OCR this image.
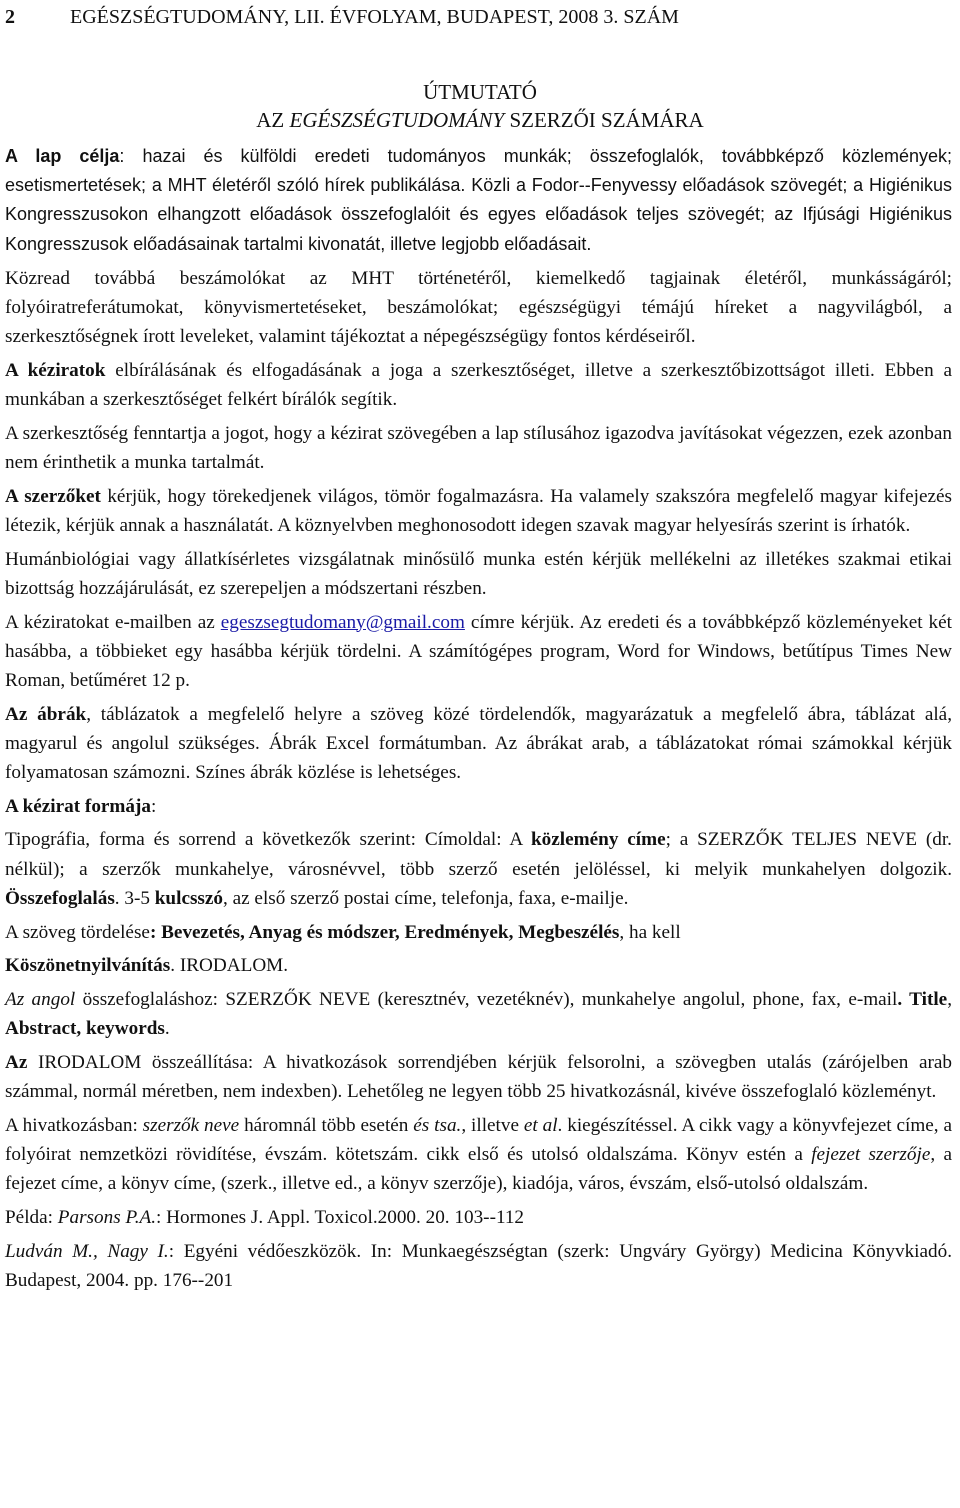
2	EGÉSZSÉGTUDOMÁNY, LII. ÉVFOLYAM, BUDAPEST, 2008 3. SZÁM
ÚTMUTATÓ
AZ EGÉSZSÉGTUDOMÁNY SZERZŐI SZÁMÁRA

A lap célja: hazai és külföldi eredeti tudományos munkák; összefoglalók, továbbképző közlemények; esetismertetések; a MHT életéről szóló hírek publikálása. Közli a Fodor--Fenyvessy előadások szövegét; a Higiénikus Kongresszusokon elhangzott előadások összefoglalóit és egyes előadások teljes szövegét; az Ifjúsági Higiénikus Kongresszusok előadásainak tartalmi kivonatát, illetve legjobb előadásait.

Közread továbbá beszámolókat az MHT történetéről, kiemelkedő tagjainak életéről, munkásságáról; folyóiratreferátumokat, könyvismertetéseket, beszámolókat; egészségügyi témájú híreket a nagyvilágból, a szerkesztőségnek írott leveleket, valamint tájékoztat a népegészségügy fontos kérdéseiről.

A kéziratok elbírálásának és elfogadásának a joga a szerkesztőséget, illetve a szerkesztőbizottságot illeti. Ebben a munkában a szerkesztőséget felkért bírálók segítik.

A szerkesztőség fenntartja a jogot, hogy a kézirat szövegében a lap stílusához igazodva javításokat végezzen, ezek azonban nem érinthetik a munka tartalmát.

A szerzőket kérjük, hogy törekedjenek világos, tömör fogalmazásra. Ha valamely szakszóra megfelelő magyar kifejezés létezik, kérjük annak a használatát. A köznyelvben meghonosodott idegen szavak magyar helyesírás szerint is írhatók.

Humánbiológiai vagy állatkísérletes vizsgálatnak minősülő munka estén kérjük mellékelni az illetékes szakmai etikai bizottság hozzájárulását, ez szerepeljen a módszertani részben.

A kéziratokat e-mailben az egeszsegtudomany@gmail.com címre kérjük. Az eredeti és a továbbképző közleményeket két hasábba, a többieket egy hasábba kérjük tördelni. A számítógépes program, Word for Windows, betűtípus Times New Roman, betűméret 12 p.

Az ábrák, táblázatok a megfelelő helyre a szöveg közé tördelendők, magyarázatuk a megfelelő ábra, táblázat alá, magyarul és angolul szükséges. Ábrák Excel formátumban. Az ábrákat arab, a táblázatokat római számokkal kérjük folyamatosan számozni. Színes ábrák közlése is lehetséges.

A kézirat formája:

Tipográfia, forma és sorrend a következők szerint: Címoldal: A közlemény címe; a SZERZŐK TELJES NEVE (dr. nélkül); a szerzők munkahelye, városnévvel, több szerző esetén jelöléssel, ki melyik munkahelyen dolgozik. Összefoglalás. 3-5 kulcsszó, az első szerző postai címe, telefonja, faxa, e-mailje.

A szöveg tördelése: Bevezetés, Anyag és módszer, Eredmények, Megbeszélés, ha kell

Köszönetnyilvánítás. IRODALOM.

Az angol összefoglaláshoz: SZERZŐK NEVE (keresztnév, vezetéknév), munkahelye angolul, phone, fax, e-mail. Title, Abstract, keywords.

Az IRODALOM összeállítása: A hivatkozások sorrendjében kérjük felsorolni, a szövegben utalás (zárójelben arab számmal, normál méretben, nem indexben). Lehetőleg ne legyen több 25 hivatkozásnál, kivéve összefoglaló közleményt.

A hivatkozásban: szerzők neve háromnál több esetén és tsa., illetve et al. kiegészítéssel. A cikk vagy a könyvfejezet címe, a folyóirat nemzetközi rövidítése, évszám. kötetszám. cikk első és utolsó oldalszáma. Könyv estén a fejezet szerzője, a fejezet címe, a könyv címe, (szerk., illetve ed., a könyv szerzője), kiadója, város, évszám, első-utolsó oldalszám.

Példa: Parsons P.A.: Hormones J. Appl. Toxicol.2000. 20. 103--112

Ludván M., Nagy I.: Egyéni védőeszközök. In: Munkaegészségtan (szerk: Ungváry György) Medicina Könyvkiadó. Budapest, 2004. pp. 176--201
